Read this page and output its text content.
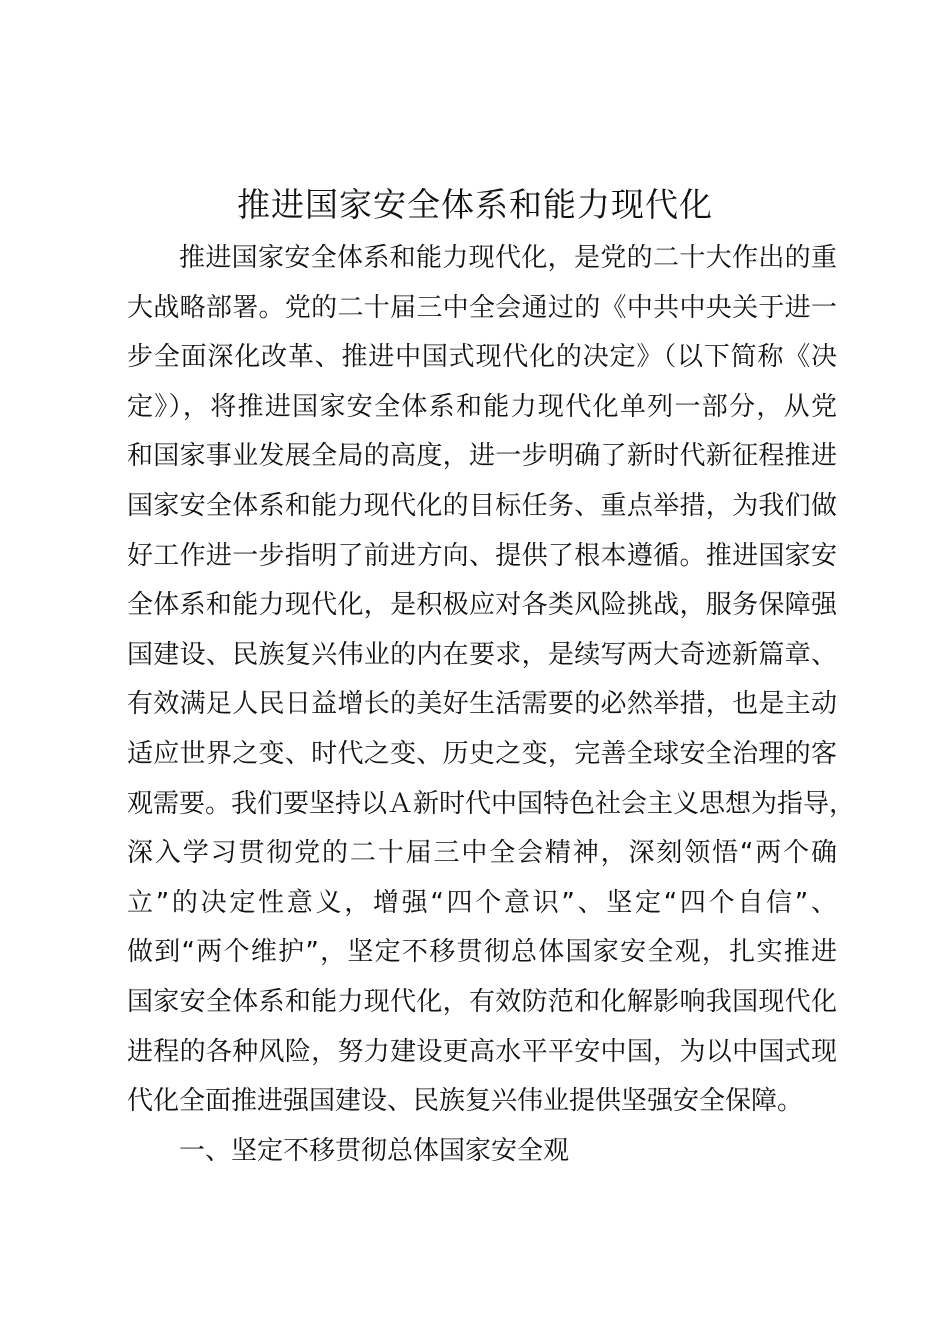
推进国家安全体系和能力现代化
推进国家安全体系和能力现代化，是党的二十大作出的重
大战略部署。党的二十届三中全会通过的《中共中央关于进一
步全面深化改革、推进中国式现代化的决定》（以下简称《决
定》），将推进国家安全体系和能力现代化单列一部分，从党
和国家事业发展全局的高度，进一步明确了新时代新征程推进
国家安全体系和能力现代化的目标任务、重点举措，为我们做
好工作进一步指明了前进方向、提供了根本遵循。推进国家安
全体系和能力现代化，是积极应对各类风险挑战，服务保障强
国建设、民族复兴伟业的内在要求，是续写两大奇迹新篇章、
有效满足人民日益增长的美好生活需要的必然举措，也是主动
适应世界之变、时代之变、历史之变，完善全球安全治理的客
观需要。我们要坚持以Ａ新时代中国特色社会主义思想为指导，
深入学习贯彻党的二十届三中全会精神，深刻领悟“两个确
立”的决定性意义，增强“四个意识”、坚定“四个自信”、
做到“两个维护”，坚定不移贯彻总体国家安全观，扎实推进
国家安全体系和能力现代化，有效防范和化解影响我国现代化
进程的各种风险，努力建设更高水平平安中国，为以中国式现
代化全面推进强国建设、民族复兴伟业提供坚强安全保障。
一、坚定不移贯彻总体国家安全观
